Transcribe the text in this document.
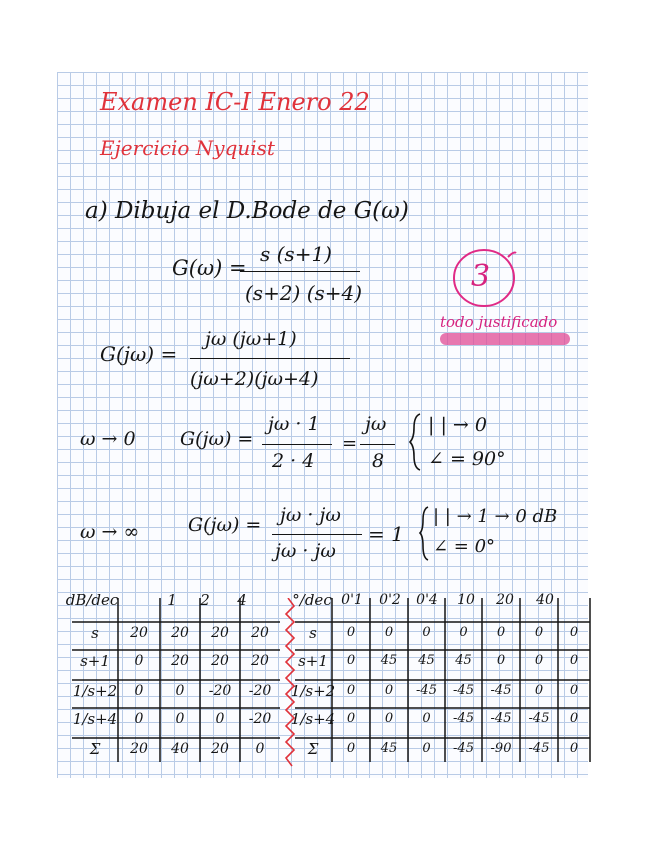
Examen IC-I Enero 22
Ejercicio Nyquist
3
todo justificado
a) Dibuja el D.Bode de G(ω)
G(ω) =
s (s+1)
(s+2) (s+4)
G(jω) =
jω (jω+1)
(jω+2)(jω+4)
ω → 0 G(jω) =
jω · 1
2 · 4
=
jω
8
| | → 0
∠ = 90°
ω → ∞	G(jω) = jω · jω
jω · jω
= 1
| | → 1 → 0 dB
∠ = 0°
dB/dec	1 2 4
s 20 20 20 20
s+1 0 20 20 20
1/s+2 0 0 -20 -20
1/s+4 0 0 0 -20
Σ 20 40 20 0
°/dec 0'1 0'2 0'4 10 20 40
s 0 0 0 0 0 0 0
s+1 0 45 45 45 0 0 0
1/s+2 0 0 -45 -45 -45 0 0
1/s+4 0 0 0 -45 -45 -45 0
Σ 0 45 0 -45 -90 -45 0
